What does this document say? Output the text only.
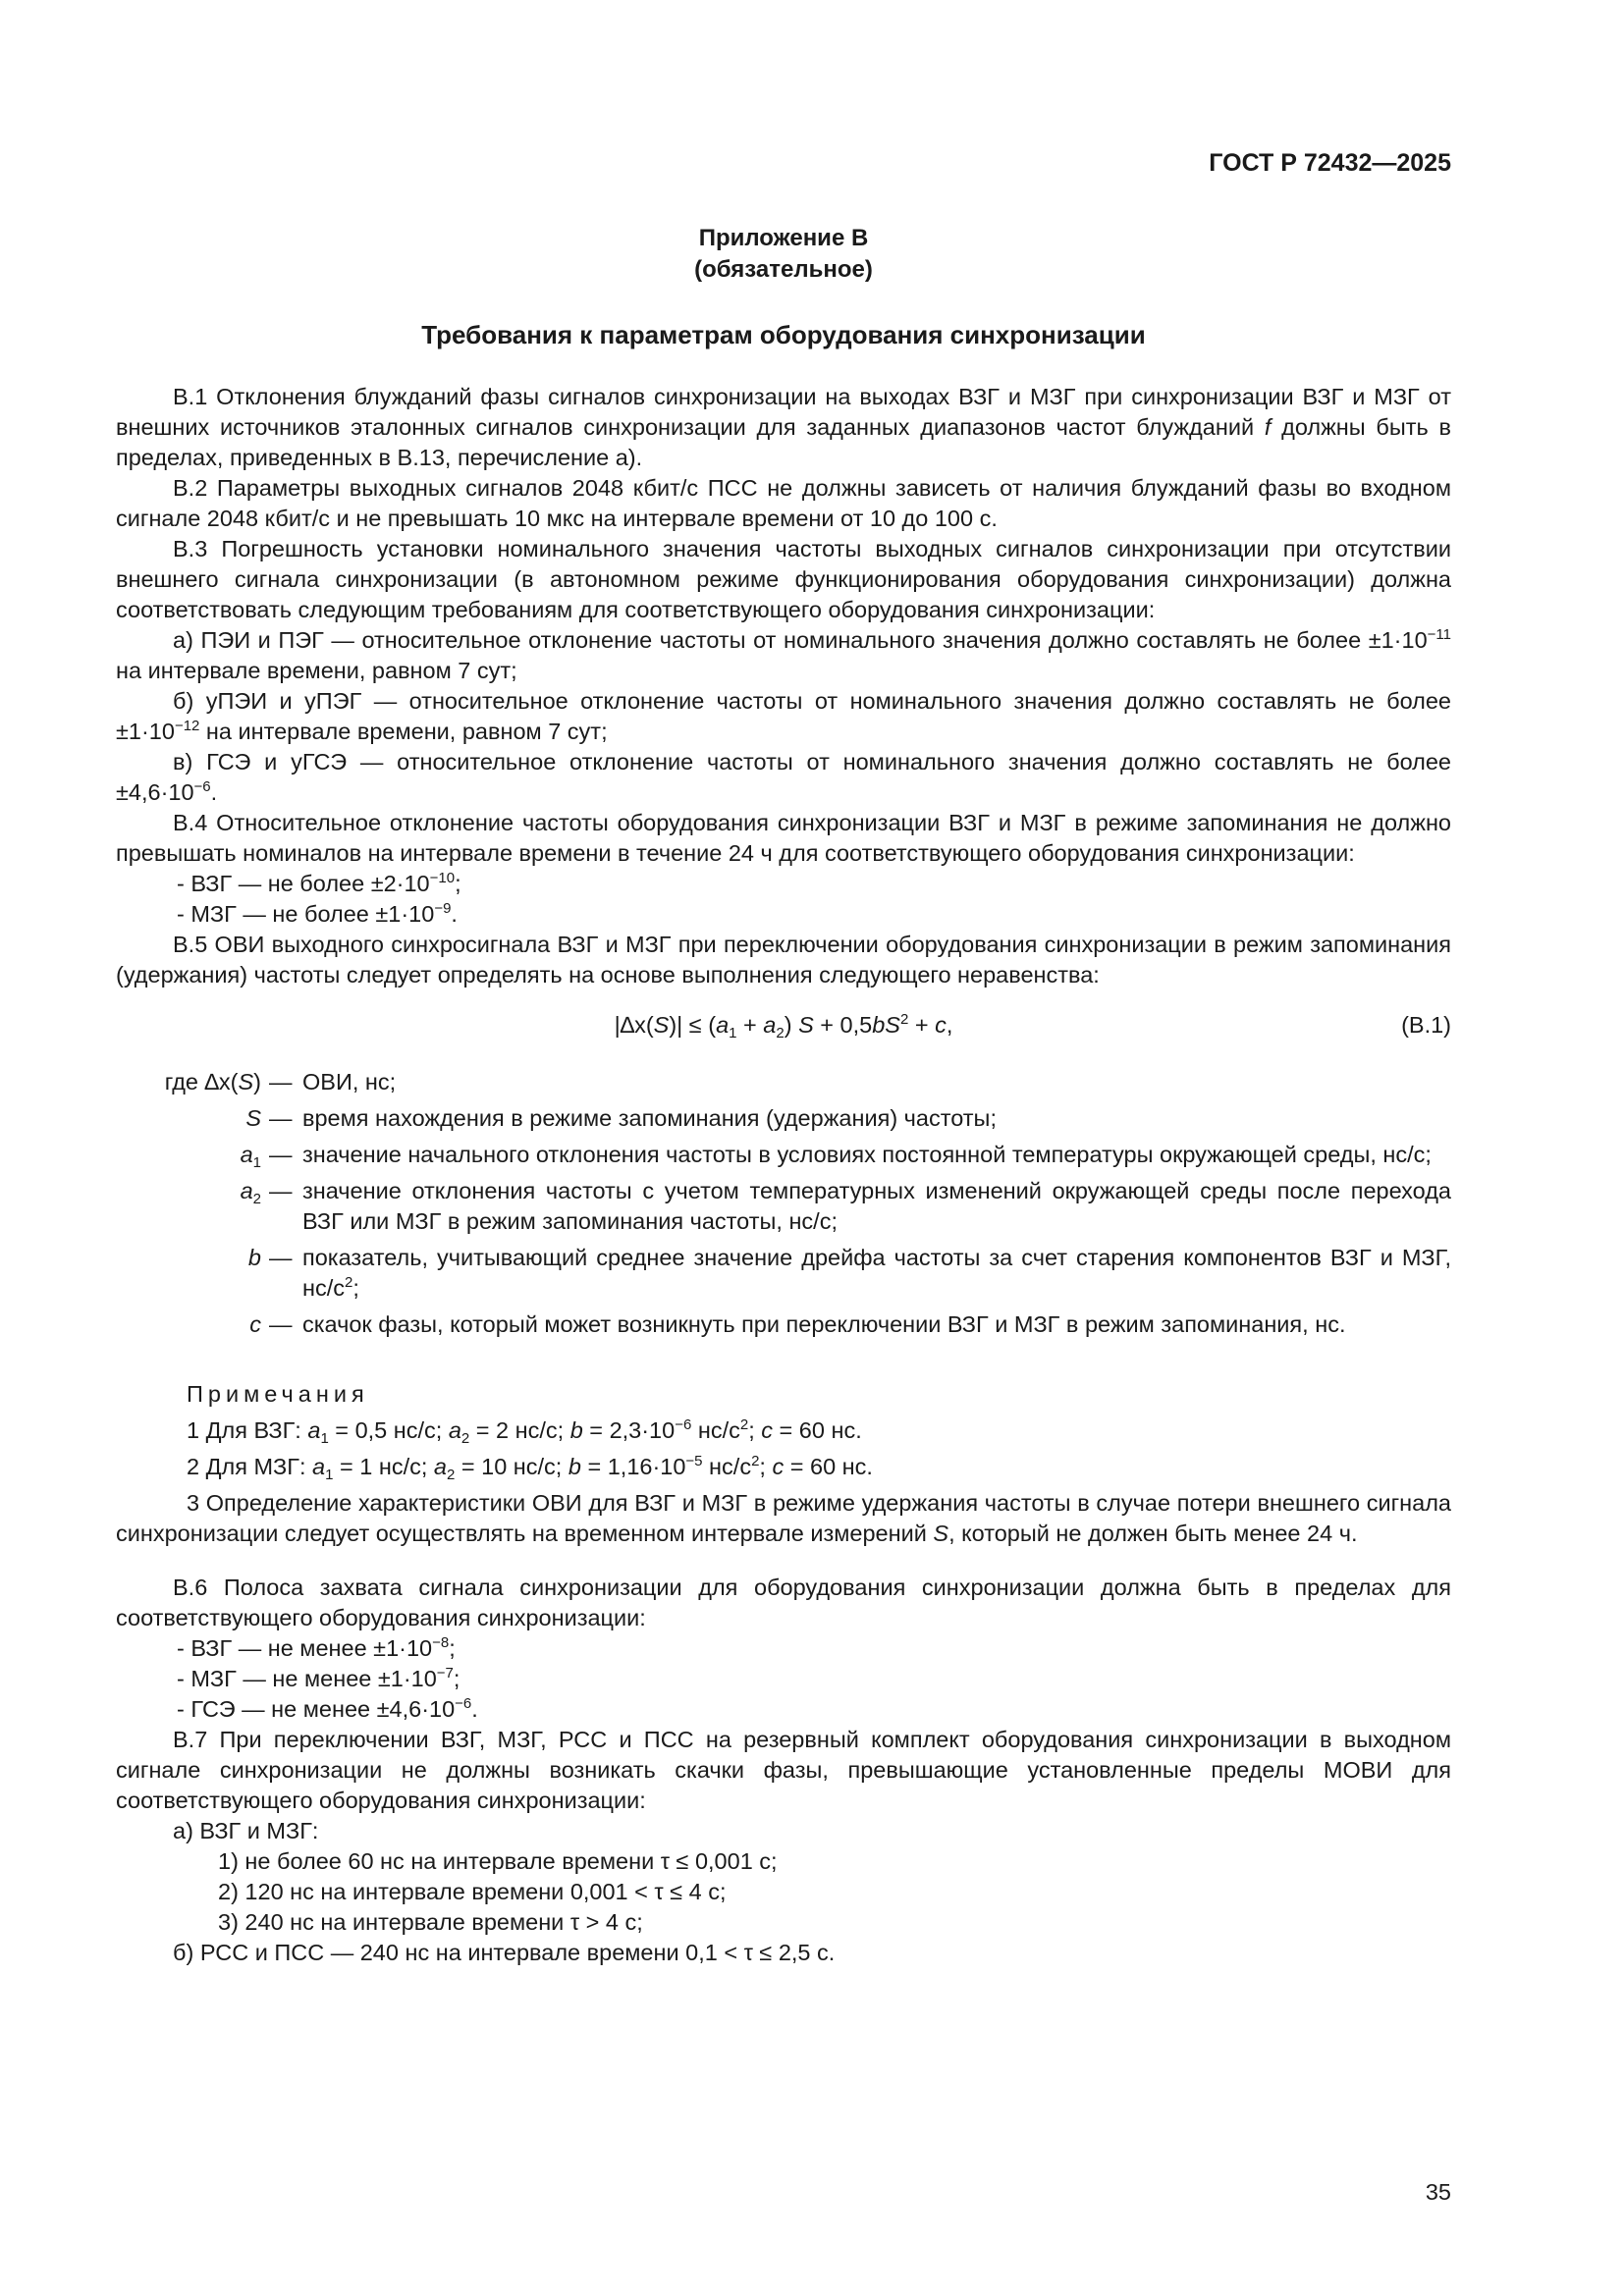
ГОСТ Р 72432—2025
Приложение В
(обязательное)
Требования к параметрам оборудования синхронизации

В.1 Отклонения блужданий фазы сигналов синхронизации на выходах ВЗГ и МЗГ при синхронизации ВЗГ и МЗГ от внешних источников эталонных сигналов синхронизации для заданных диапазонов частот блужданий f должны быть в пределах, приведенных в В.13, перечисление а).

В.2 Параметры выходных сигналов 2048 кбит/с ПСС не должны зависеть от наличия блужданий фазы во входном сигнале 2048 кбит/с и не превышать 10 мкс на интервале времени от 10 до 100 с.

В.3 Погрешность установки номинального значения частоты выходных сигналов синхронизации при отсутствии внешнего сигнала синхронизации (в автономном режиме функционирования оборудования синхронизации) должна соответствовать следующим требованиям для соответствующего оборудования синхронизации:

а) ПЭИ и ПЭГ — относительное отклонение частоты от номинального значения должно составлять не более $\pm 1\cdot 10^{-11}$ на интервале времени, равном 7 сут;

б) уПЭИ и уПЭГ — относительное отклонение частоты от номинального значения должно составлять не более $\pm 1\cdot 10^{-12}$ на интервале времени, равном 7 сут;

в) ГСЭ и уГСЭ — относительное отклонение частоты от номинального значения должно составлять не более $\pm 4,6\cdot 10^{-6}$.

В.4 Относительное отклонение частоты оборудования синхронизации ВЗГ и МЗГ в режиме запоминания не должно превышать номиналов на интервале времени в течение 24 ч для соответствующего оборудования синхронизации:

- ВЗГ — не более $\pm 2\cdot 10^{-10}$;

- МЗГ — не более $\pm 1\cdot 10^{-9}$.

В.5 ОВИ выходного синхросигнала ВЗГ и МЗГ при переключении оборудования синхронизации в режим запоминания (удержания) частоты следует определять на основе выполнения следующего неравенства:

$|\Delta x(S)| \le (a_1 + a_2) S + 0,5bS^2 + c$,	(В.1)
где ∆x(S)	—	ОВИ, нс;
S	—	время нахождения в режиме запоминания (удержания) частоты;
$a_1$	—	значение начального отклонения частоты в условиях постоянной температуры окружающей среды, нс/с;
$a_2$	—	значение отклонения частоты с учетом температурных изменений окружающей среды после перехода ВЗГ или МЗГ в режим запоминания частоты, нс/с;
b	—	показатель, учитывающий среднее значение дрейфа частоты за счет старения компонентов ВЗГ и МЗГ, $нс/с^2$;
c	—	скачок фазы, который может возникнуть при переключении ВЗГ и МЗГ в режим запоминания, нс.

Примечания

1 Для ВЗГ: $a_1 = 0,5$ нс/с; $a_2 = 2$ нс/с; $b = 2,3\cdot 10^{-6}$ $нс/с^2$; c = 60 нс.

2 Для МЗГ: $a_1 = 1$ нс/с; $a_2 = 10$ нс/с; $b = 1,16\cdot 10^{-5}$ $нс/с^2$; c = 60 нс.

3 Определение характеристики ОВИ для ВЗГ и МЗГ в режиме удержания частоты в случае потери внешнего сигнала синхронизации следует осуществлять на временном интервале измерений S, который не должен быть менее 24 ч.

В.6 Полоса захвата сигнала синхронизации для оборудования синхронизации должна быть в пределах для соответствующего оборудования синхронизации:

- ВЗГ — не менее $\pm 1\cdot 10^{-8}$;

- МЗГ — не менее $\pm 1\cdot 10^{-7}$;

- ГСЭ — не менее $\pm 4,6\cdot 10^{-6}$.

В.7 При переключении ВЗГ, МЗГ, РСС и ПСС на резервный комплект оборудования синхронизации в выходном сигнале синхронизации не должны возникать скачки фазы, превышающие установленные пределы МОВИ для соответствующего оборудования синхронизации:

а) ВЗГ и МЗГ:

1) не более 60 нс на интервале времени τ ≤ 0,001 с;

2) 120 нс на интервале времени 0,001 < τ ≤ 4 с;

3) 240 нс на интервале времени τ > 4 с;

б) РСС и ПСС — 240 нс на интервале времени 0,1 < τ ≤ 2,5 с.

35
